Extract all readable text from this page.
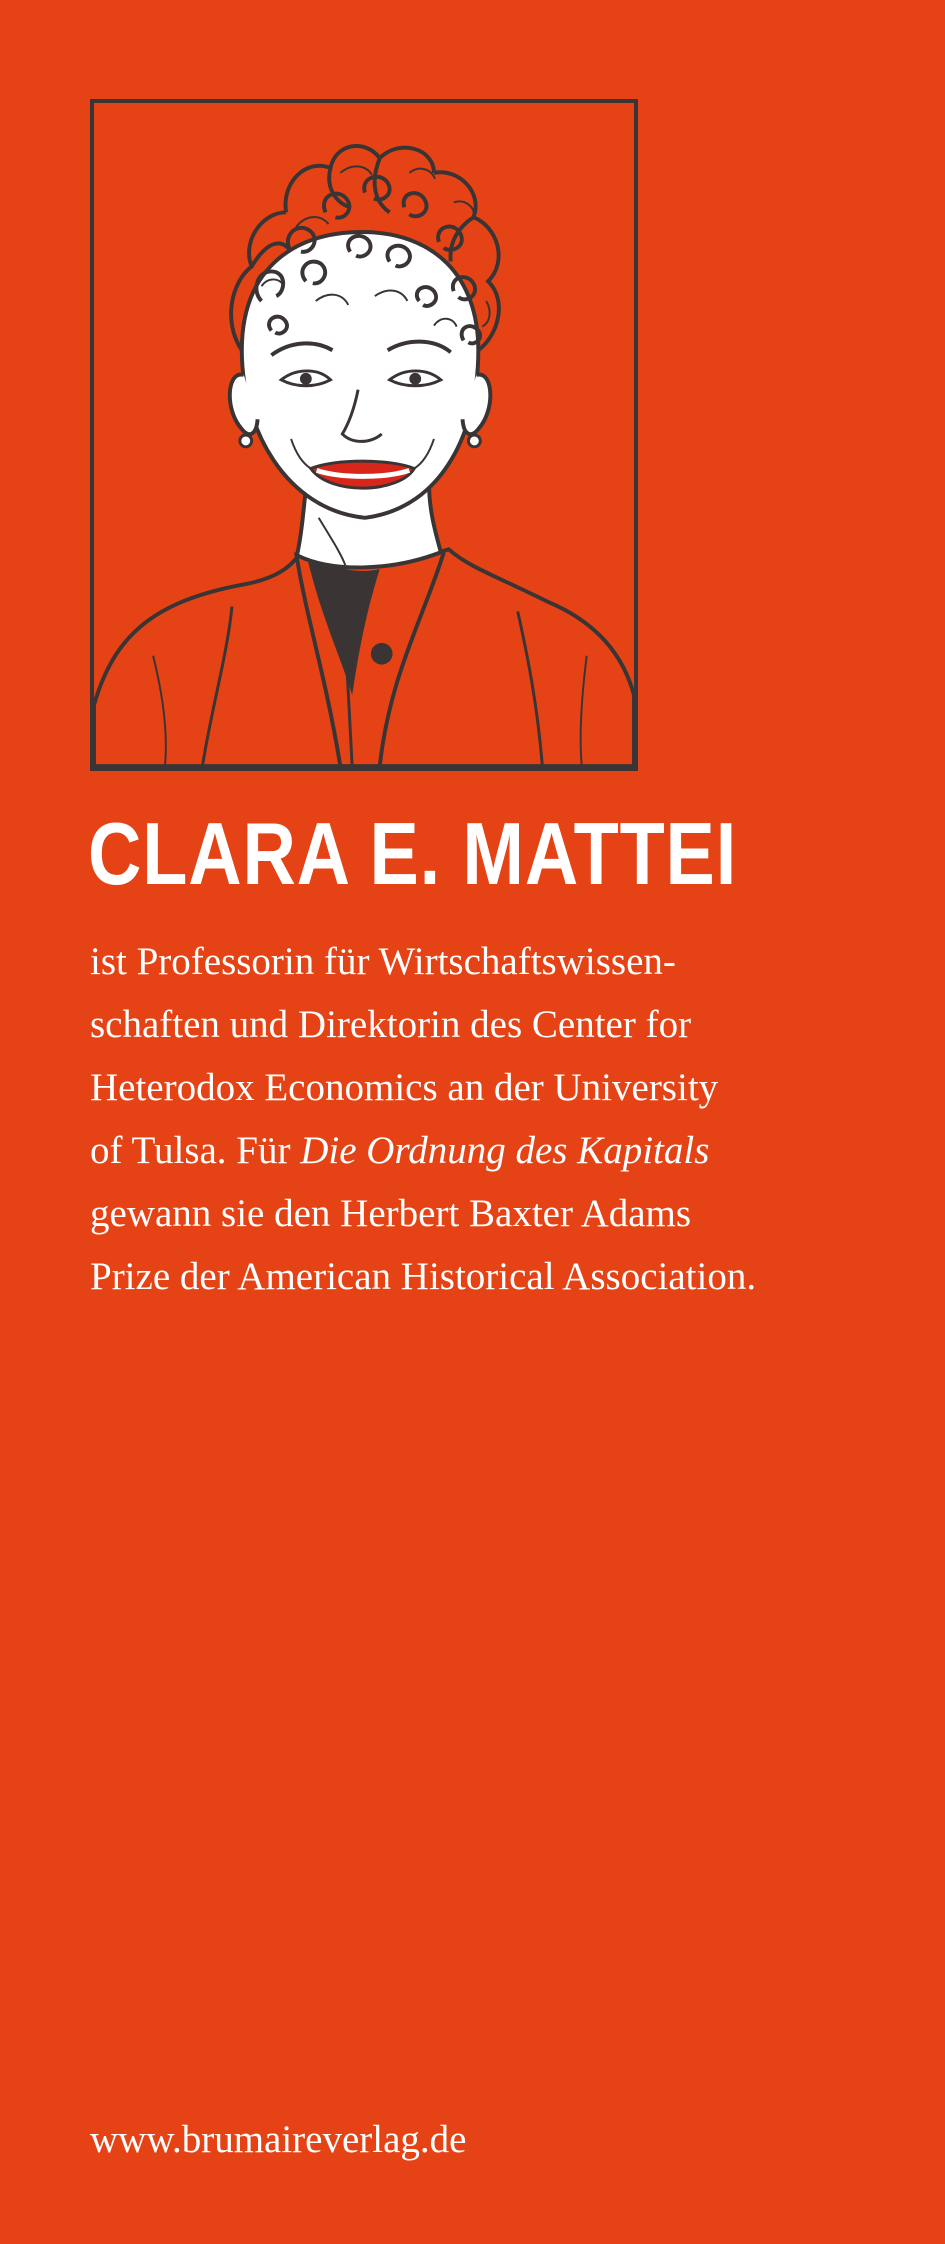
CLARA E. MATTEI

ist Professorin für Wirtschaftswissen-
schaften und Direktorin des Center for
Heterodox Economics an der University
of Tulsa. Für Die Ordnung des Kapitals
gewann sie den Herbert Baxter Adams
Prize der American Historical Association.

www.brumaireverlag.de
